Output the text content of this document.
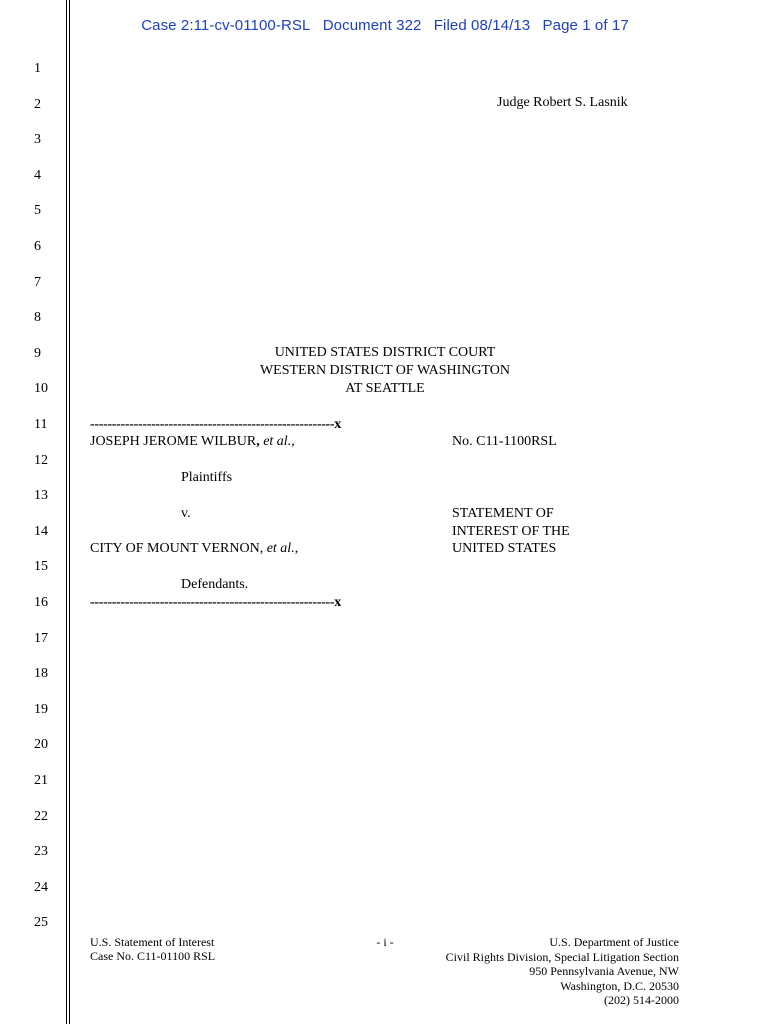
Case 2:11-cv-01100-RSL Document 322 Filed 08/14/13 Page 1 of 17
1
2
3
4
5
6
7
8
9
10
11
12
13
14
15
16
17
18
19
20
21
22
23
24
25
Judge Robert S. Lasnik
UNITED STATES DISTRICT COURT
WESTERN DISTRICT OF WASHINGTON
AT SEATTLE
--------------------------------------------------------x
JOSEPH JEROME WILBUR, et al.,
Plaintiffs
v.
CITY OF MOUNT VERNON, et al.,
Defendants.
--------------------------------------------------------x
No. C11-1100RSL
STATEMENT OF
INTEREST OF THE
UNITED STATES
U.S. Statement of Interest
Case No. C11-01100 RSL
- i -	U.S. Department of Justice
Civil Rights Division, Special Litigation Section
950 Pennsylvania Avenue, NW
Washington, D.C. 20530
(202) 514-2000
